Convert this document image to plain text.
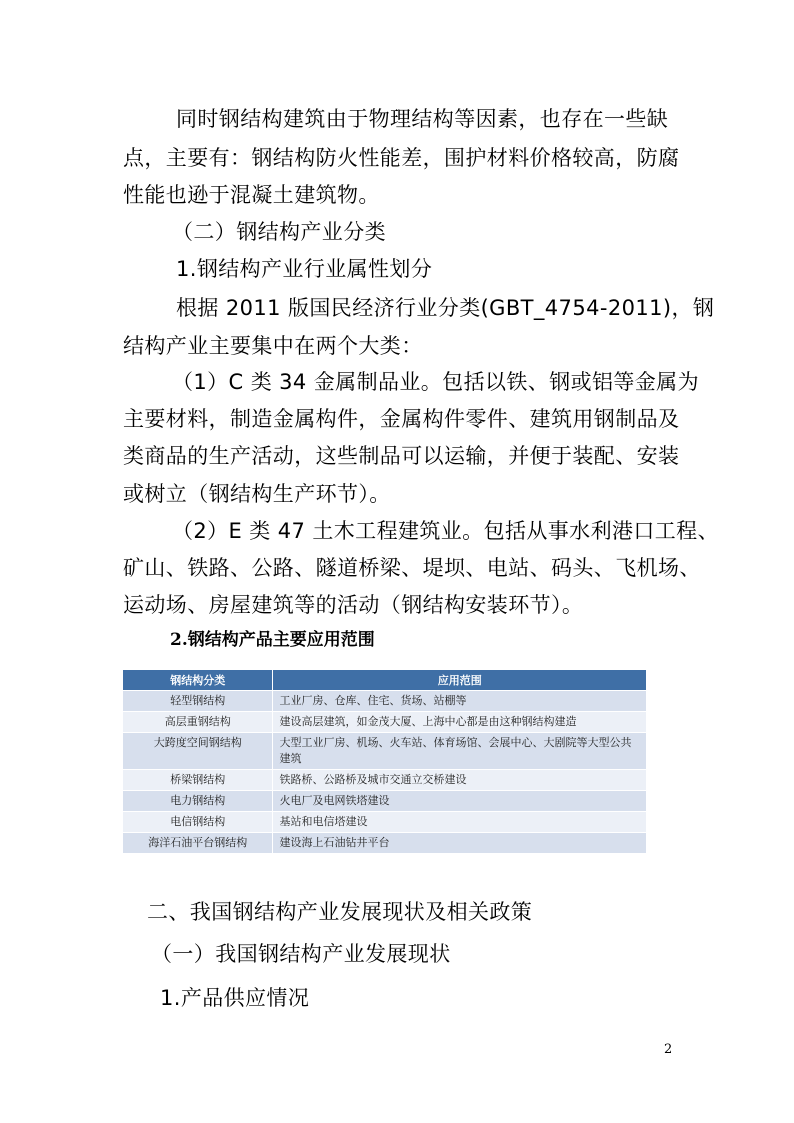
同时钢结构建筑由于物理结构等因素，也存在一些缺
点，主要有：钢结构防火性能差，围护材料价格较高，防腐
性能也逊于混凝土建筑物。
（二）钢结构产业分类
1.钢结构产业行业属性划分
根据 2011 版国民经济行业分类(GBT_4754-2011)，钢
结构产业主要集中在两个大类：
（1）C 类 34 金属制品业。包括以铁、钢或铝等金属为
主要材料，制造金属构件，金属构件零件、建筑用钢制品及
类商品的生产活动，这些制品可以运输，并便于装配、安装
或树立（钢结构生产环节）。
（2）E 类 47 土木工程建筑业。包括从事水利港口工程、
矿山、铁路、公路、隧道桥梁、堤坝、电站、码头、飞机场、
运动场、房屋建筑等的活动（钢结构安装环节）。
2.钢结构产品主要应用范围
钢结构分类	应用范围
轻型钢结构	工业厂房、仓库、住宅、货场、站棚等
高层重钢结构	建设高层建筑，如金茂大厦、上海中心都是由这种钢结构建造
大跨度空间钢结构	大型工业厂房、机场、火车站、体育场馆、会展中心、大剧院等大型公共建筑
桥梁钢结构	铁路桥、公路桥及城市交通立交桥建设
电力钢结构	火电厂及电网铁塔建设
电信钢结构	基站和电信塔建设
海洋石油平台钢结构	建设海上石油钻井平台
二、我国钢结构产业发展现状及相关政策
（一）我国钢结构产业发展现状
1.产品供应情况
2
